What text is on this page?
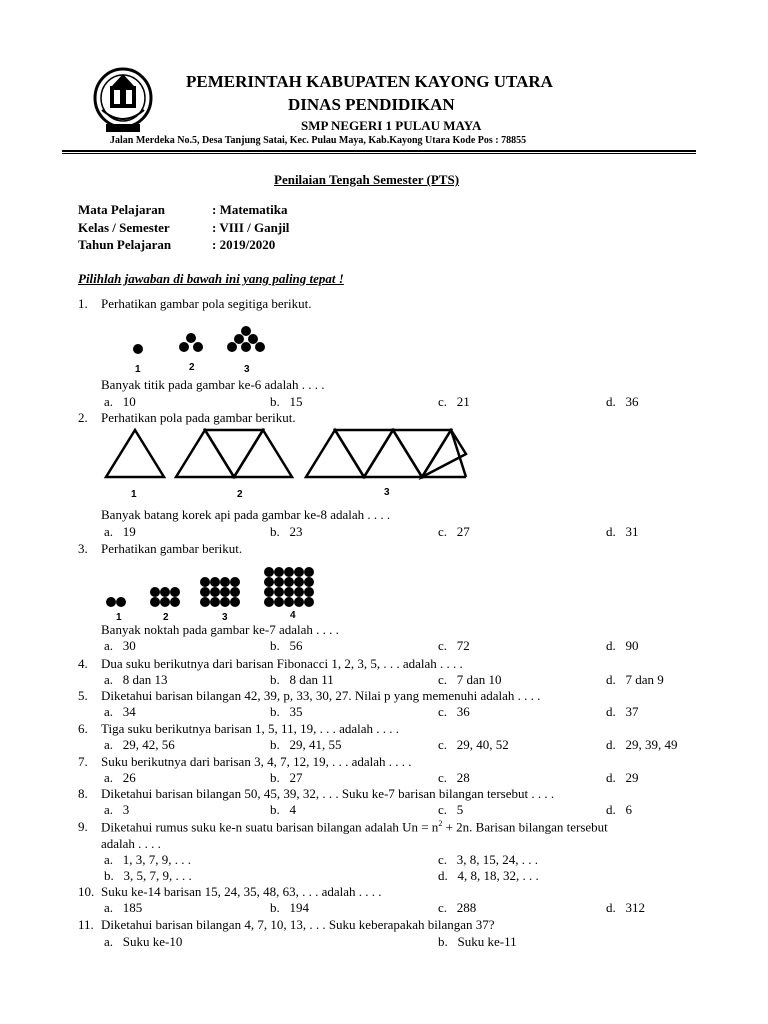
PEMERINTAH KABUPATEN KAYONG UTARA
DINAS PENDIDIKAN
SMP NEGERI 1 PULAU MAYA
Jalan Merdeka No.5, Desa Tanjung Satai, Kec. Pulau Maya, Kab.Kayong Utara Kode Pos : 78855
Penilaian Tengah Semester (PTS)
Mata Pelajaran	: Matematika
Kelas / Semester	: VIII / Ganjil
Tahun Pelajaran	: 2019/2020
Pilihlah jawaban di bawah ini yang paling tepat !
1. Perhatikan gambar pola segitiga berikut.
1	2	3
Banyak titik pada gambar ke-6 adalah . . . .
a. 10	b. 15	c. 21	d. 36
2. Perhatikan pola pada gambar berikut.
1	2	3
Banyak batang korek api pada gambar ke-8 adalah . . . .
a. 19	b. 23	c. 27	d. 31
3. Perhatikan gambar berikut.
1	2	3	4
Banyak noktah pada gambar ke-7 adalah . . . .
a. 30	b. 56	c. 72	d. 90
4. Dua suku berikutnya dari barisan Fibonacci 1, 2, 3, 5, . . . adalah . . . .
a. 8 dan 13	b. 8 dan 11	c. 7 dan 10	d. 7 dan 9
5. Diketahui barisan bilangan 42, 39, p, 33, 30, 27. Nilai p yang memenuhi adalah . . . .
a. 34	b. 35	c. 36	d. 37
6. Tiga suku berikutnya barisan 1, 5, 11, 19, . . . adalah . . . .
a. 29, 42, 56	b. 29, 41, 55	c. 29, 40, 52	d. 29, 39, 49
7. Suku berikutnya dari barisan 3, 4, 7, 12, 19, . . . adalah . . . .
a. 26	b. 27	c. 28	d. 29
8. Diketahui barisan bilangan 50, 45, 39, 32, . . . Suku ke-7 barisan bilangan tersebut . . . .
a. 3	b. 4	c. 5	d. 6
10. Suku ke-14 barisan 15, 24, 35, 48, 63, . . . adalah . . . .
a. 185	b. 194	c. 288	d. 312
9. Diketahui rumus suku ke-n suatu barisan bilangan adalah $Un = n^2 + 2n$. Barisan bilangan tersebut
adalah . . . .
a. 1, 3, 7, 9, . . .	c. 3, 8, 15, 24, . . .
b. 3, 5, 7, 9, . . .	d. 4, 8, 18, 32, . . .
11. Diketahui barisan bilangan 4, 7, 10, 13, . . . Suku keberapakah bilangan 37?
a. Suku ke-10	b. Suku ke-11
